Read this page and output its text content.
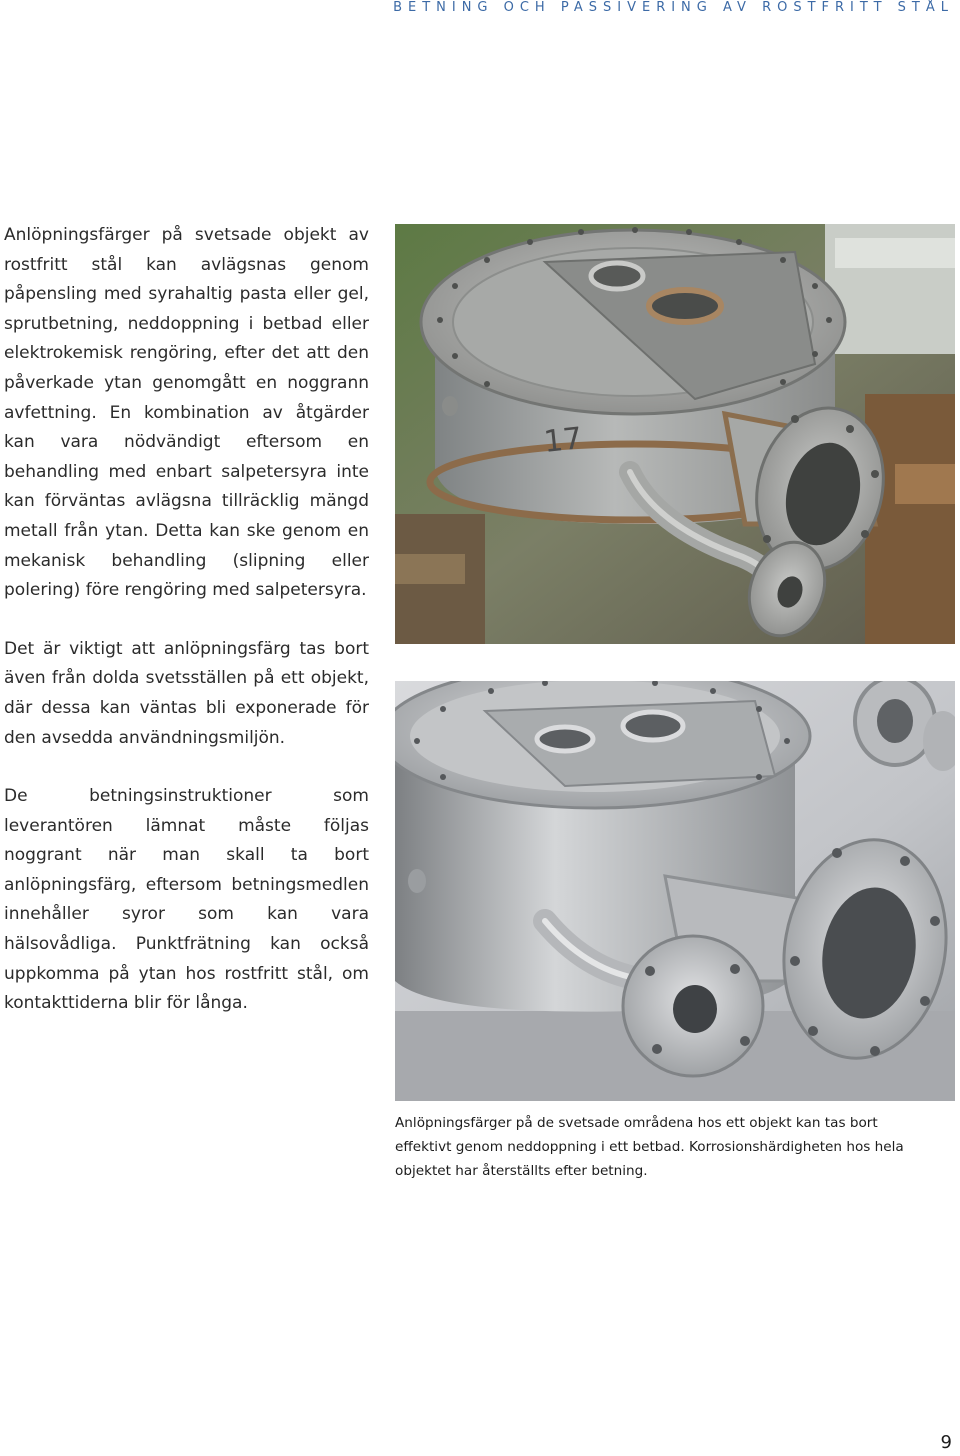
BETNING OCH PASSIVERING AV ROSTFRITT STÅL

Anlöpningsfärger på svetsade objekt av rostfritt stål kan avlägsnas genom påpensling med syrahaltig pasta eller gel, sprutbetning, neddoppning i betbad eller elektrokemisk rengöring, efter det att den påverkade ytan genomgått en noggrann avfettning. En kombination av åtgärder kan vara nödvändigt eftersom en behandling med enbart salpetersyra inte kan förväntas avlägsna tillräcklig mängd metall från ytan. Detta kan ske genom en mekanisk behandling (slipning eller polering) före rengöring med salpetersyra.

Det är viktigt att anlöpningsfärg tas bort även från dolda svetsställen på ett objekt, där dessa kan väntas bli exponerade för den avsedda användningsmiljön.

De betningsinstruktioner som leverantören lämnat måste följas noggrant när man skall ta bort anlöpningsfärg, eftersom betningsmedlen innehåller syror som kan vara hälsovådliga. Punktfrätning kan också uppkomma på ytan hos rostfritt stål, om kontakttiderna blir för långa.

17
Anlöpningsfärger på de svetsade områdena hos ett objekt kan tas bort effektivt genom neddoppning i ett betbad. Korrosionshärdigheten hos hela objektet har återställts efter betning.
9
